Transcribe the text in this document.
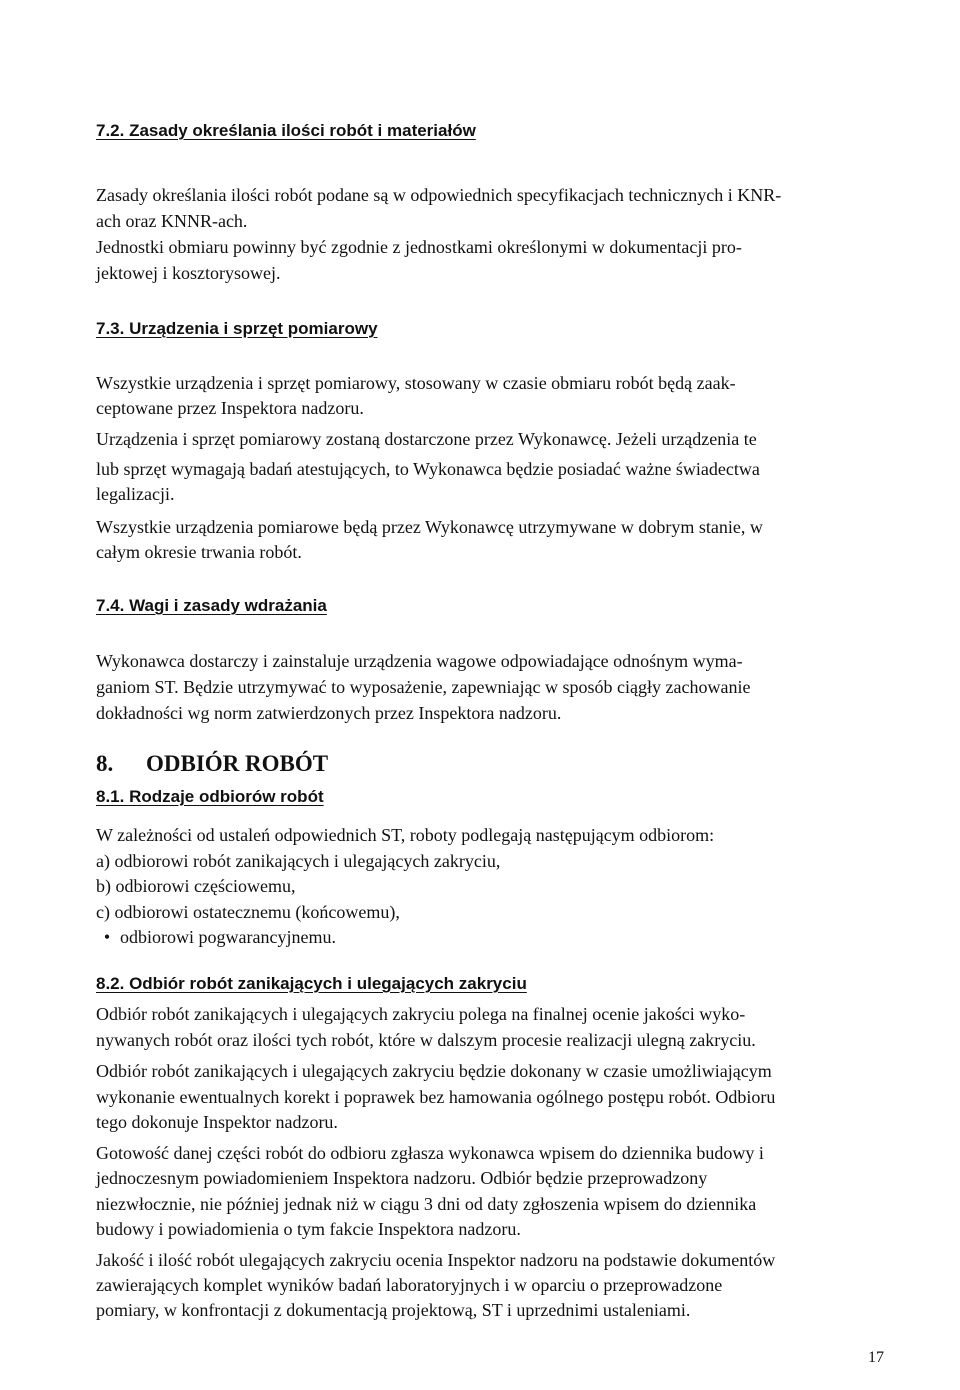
7.2. Zasady określania ilości robót i materiałów
Zasady określania ilości robót podane są w odpowiednich specyfikacjach technicznych i KNR-
ach oraz KNNR-ach.
Jednostki obmiaru powinny być zgodnie z jednostkami określonymi w dokumentacji pro-
jektowej i kosztorysowej.
7.3. Urządzenia i sprzęt pomiarowy
Wszystkie urządzenia i sprzęt pomiarowy, stosowany w czasie obmiaru robót będą zaak-
ceptowane przez Inspektora nadzoru.
Urządzenia i sprzęt pomiarowy zostaną dostarczone przez Wykonawcę. Jeżeli urządzenia te
lub sprzęt wymagają badań atestujących, to Wykonawca będzie posiadać ważne świadectwa
legalizacji.
Wszystkie urządzenia pomiarowe będą przez Wykonawcę utrzymywane w dobrym stanie, w
całym okresie trwania robót.
7.4. Wagi i zasady wdrażania
Wykonawca dostarczy i zainstaluje urządzenia wagowe odpowiadające odnośnym wyma-
ganiom ST. Będzie utrzymywać to wyposażenie, zapewniając w sposób ciągły zachowanie
dokładności wg norm zatwierdzonych przez Inspektora nadzoru.
8. ODBIÓR ROBÓT
8.1. Rodzaje odbiorów robót
W zależności od ustaleń odpowiednich ST, roboty podlegają następującym odbiorom:
a) odbiorowi robót zanikających i ulegających zakryciu,
b) odbiorowi częściowemu,
c) odbiorowi ostatecznemu (końcowemu),
• odbiorowi pogwarancyjnemu.
8.2. Odbiór robót zanikających i ulegających zakryciu
Odbiór robót zanikających i ulegających zakryciu polega na finalnej ocenie jakości wyko-
nywanych robót oraz ilości tych robót, które w dalszym procesie realizacji ulegną zakryciu.
Odbiór robót zanikających i ulegających zakryciu będzie dokonany w czasie umożliwiającym
wykonanie ewentualnych korekt i poprawek bez hamowania ogólnego postępu robót. Odbioru
tego dokonuje Inspektor nadzoru.
Gotowość danej części robót do odbioru zgłasza wykonawca wpisem do dziennika budowy i
jednoczesnym powiadomieniem Inspektora nadzoru. Odbiór będzie przeprowadzony
niezwłocznie, nie później jednak niż w ciągu 3 dni od daty zgłoszenia wpisem do dziennika
budowy i powiadomienia o tym fakcie Inspektora nadzoru.
Jakość i ilość robót ulegających zakryciu ocenia Inspektor nadzoru na podstawie dokumentów
zawierających komplet wyników badań laboratoryjnych i w oparciu o przeprowadzone
pomiary, w konfrontacji z dokumentacją projektową, ST i uprzednimi ustaleniami.
17
